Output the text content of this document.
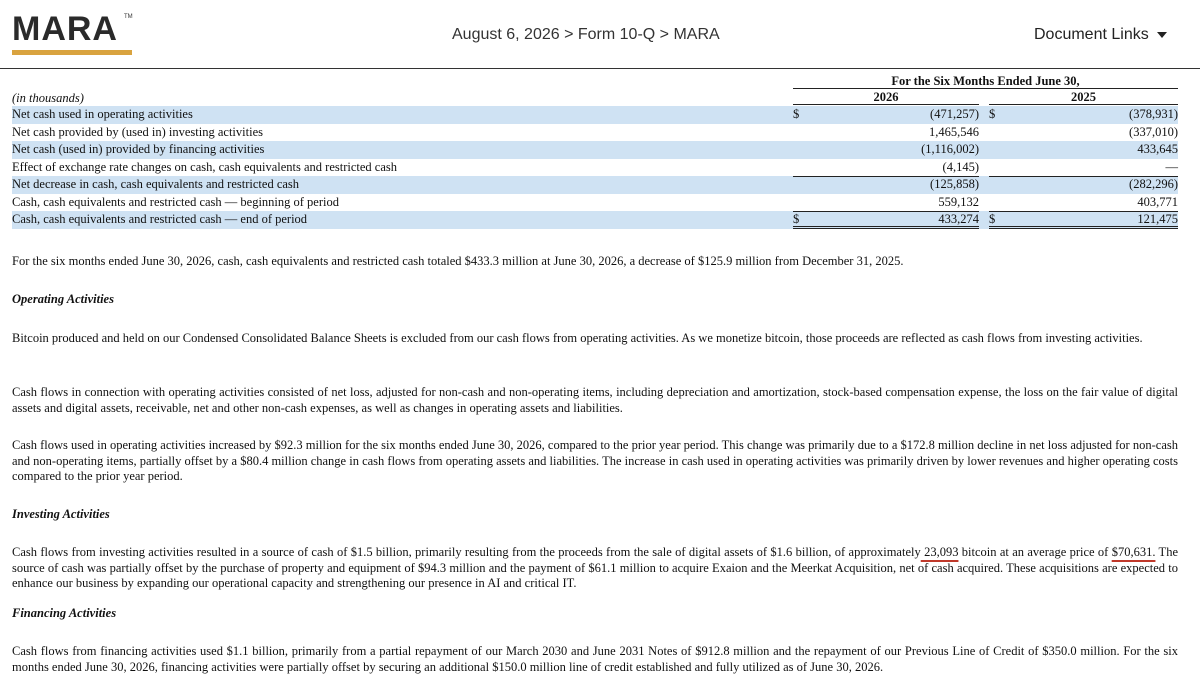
MARA	TM
August 6, 2026 > Form 10-Q > MARA	Document Links
For the Six Months Ended June 30,
(in thousands)	2026	2025
Net cash used in operating activities	$	(471,257) $	(378,931)
Net cash provided by (used in) investing activities	1,465,546	(337,010)
Net cash (used in) provided by financing activities	(1,116,002)	433,645
Effect of exchange rate changes on cash, cash equivalents and restricted cash	(4,145)	—
Net decrease in cash, cash equivalents and restricted cash	(125,858)	(282,296)
Cash, cash equivalents and restricted cash — beginning of period	559,132	403,771
Cash, cash equivalents and restricted cash — end of period	$	433,274 $	121,475

For the six months ended June 30, 2026, cash, cash equivalents and restricted cash totaled $433.3 million at June 30, 2026, a decrease of $125.9 million from December 31, 2025.

Operating Activities

Bitcoin produced and held on our Condensed Consolidated Balance Sheets is excluded from our cash flows from operating activities. As we monetize bitcoin, those proceeds are reflected as cash flows from investing activities.

Cash flows in connection with operating activities consisted of net loss, adjusted for non-cash and non-operating items, including depreciation and amortization, stock-based compensation expense, the loss on the fair value of digital assets and digital assets, receivable, net and other non-cash expenses, as well as changes in operating assets and liabilities.

Cash flows used in operating activities increased by $92.3 million for the six months ended June 30, 2026, compared to the prior year period. This change was primarily due to a $172.8 million decline in net loss adjusted for non-cash and non-operating items, partially offset by a $80.4 million change in cash flows from operating assets and liabilities. The increase in cash used in operating activities was primarily driven by lower revenues and higher operating costs compared to the prior year period.

Investing Activities

Cash flows from investing activities resulted in a source of cash of $1.5 billion, primarily resulting from the proceeds from the sale of digital assets of $1.6 billion, of approximately 23,093 bitcoin at an average price of $70,631. The source of cash was partially offset by the purchase of property and equipment of $94.3 million and the payment of $61.1 million to acquire Exaion and the Meerkat Acquisition, net of cash acquired. These acquisitions are expected to enhance our business by expanding our operational capacity and strengthening our presence in AI and critical IT.

Financing Activities

Cash flows from financing activities used $1.1 billion, primarily from a partial repayment of our March 2030 and June 2031 Notes of $912.8 million and the repayment of our Previous Line of Credit of $350.0 million. For the six months ended June 30, 2026, financing activities were partially offset by securing an additional $150.0 million line of credit established and fully utilized as of June 30, 2026.
